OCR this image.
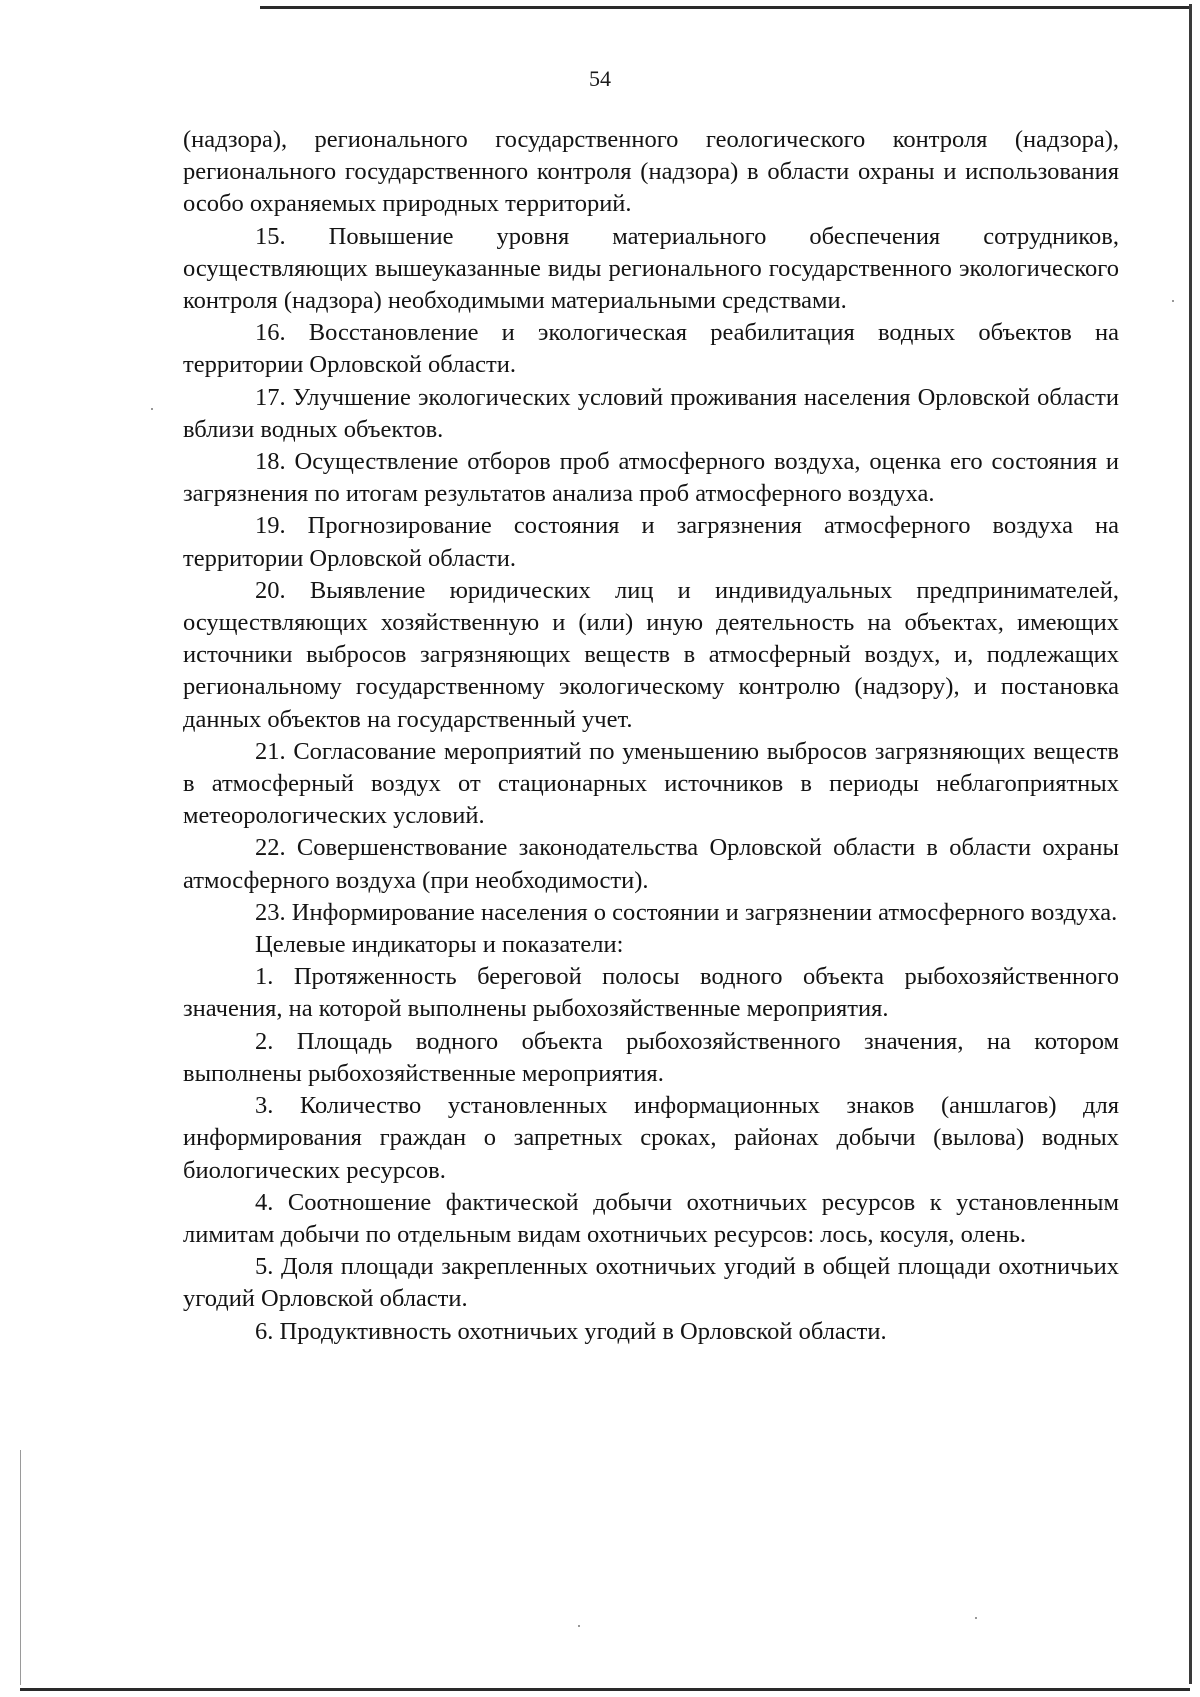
54

(надзора), регионального государственного геологического контроля (надзора), регионального государственного контроля (надзора) в области охраны и использования особо охраняемых природных территорий.

15. Повышение уровня материального обеспечения сотрудников, осуществляющих вышеуказанные виды регионального государственного экологического контроля (надзора) необходимыми материальными средствами.

16. Восстановление и экологическая реабилитация водных объектов на территории Орловской области.

17. Улучшение экологических условий проживания населения Орловской области вблизи водных объектов.

18. Осуществление отборов проб атмосферного воздуха, оценка его состояния и загрязнения по итогам результатов анализа проб атмосферного воздуха.

19. Прогнозирование состояния и загрязнения атмосферного воздуха на территории Орловской области.

20. Выявление юридических лиц и индивидуальных предпринимателей, осуществляющих хозяйственную и (или) иную деятельность на объектах, имеющих источники выбросов загрязняющих веществ в атмосферный воздух, и, подлежащих региональному государственному экологическому контролю (надзору), и постановка данных объектов на государственный учет.

21. Согласование мероприятий по уменьшению выбросов загрязняющих веществ в атмосферный воздух от стационарных источников в периоды неблагоприятных метеорологических условий.

22. Совершенствование законодательства Орловской области в области охраны атмосферного воздуха (при необходимости).

23. Информирование населения о состоянии и загрязнении атмосферного воздуха.

Целевые индикаторы и показатели:

1. Протяженность береговой полосы водного объекта рыбохозяйственного значения, на которой выполнены рыбохозяйственные мероприятия.

2. Площадь водного объекта рыбохозяйственного значения, на котором выполнены рыбохозяйственные мероприятия.

3. Количество установленных информационных знаков (аншлагов) для информирования граждан о запретных сроках, районах добычи (вылова) водных биологических ресурсов.

4. Соотношение фактической добычи охотничьих ресурсов к установленным лимитам добычи по отдельным видам охотничьих ресурсов: лось, косуля, олень.

5. Доля площади закрепленных охотничьих угодий в общей площади охотничьих угодий Орловской области.

6. Продуктивность охотничьих угодий в Орловской области.
